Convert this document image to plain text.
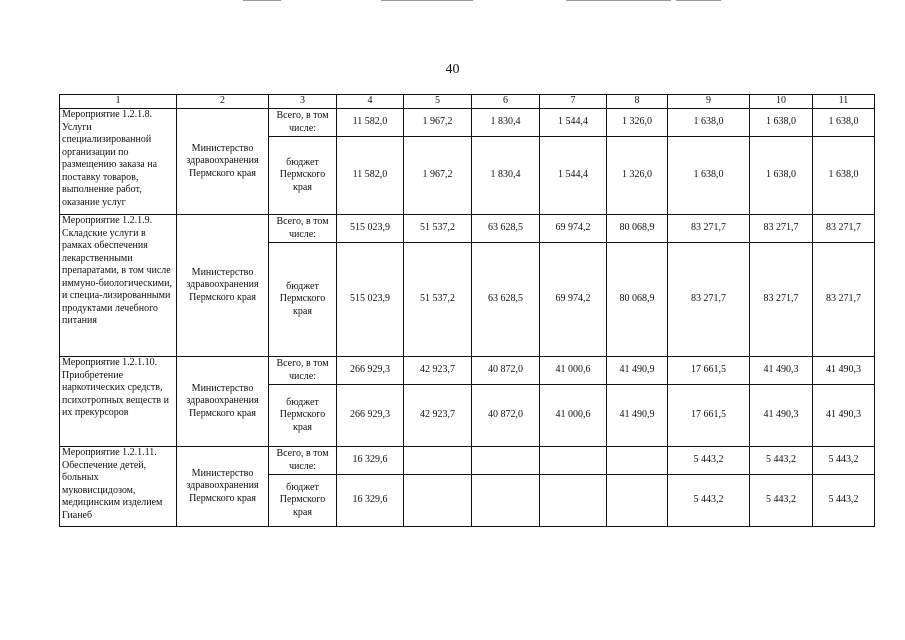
40
1	2	3	4	5	6	7	8	9	10	11
Мероприятие 1.2.1.8. Услуги специализированной организации по размещению заказа на поставку товаров, выполнение работ, оказание услуг	Министерство здравоохранения Пермского края	Всего, в том числе:	11 582,0	1 967,2	1 830,4	1 544,4	1 326,0	1 638,0	1 638,0	1 638,0
		бюджет Пермского края	11 582,0	1 967,2	1 830,4	1 544,4	1 326,0	1 638,0	1 638,0	1 638,0
Мероприятие 1.2.1.9. Складские услуги в рамках обеспечения лекарственными препаратами, в том числе иммуно-биологическими, и специа-лизированными продуктами лечебного питания	Министерство здравоохранения Пермского края	Всего, в том числе:	515 023,9	51 537,2	63 628,5	69 974,2	80 068,9	83 271,7	83 271,7	83 271,7
		бюджет Пермского края	515 023,9	51 537,2	63 628,5	69 974,2	80 068,9	83 271,7	83 271,7	83 271,7
Мероприятие 1.2.1.10. Приобретение наркотических средств, психотропных веществ и их прекурсоров	Министерство здравоохранения Пермского края	Всего, в том числе:	266 929,3	42 923,7	40 872,0	41 000,6	41 490,9	17 661,5	41 490,3	41 490,3
		бюджет Пермского края	266 929,3	42 923,7	40 872,0	41 000,6	41 490,9	17 661,5	41 490,3	41 490,3
Мероприятие 1.2.1.11. Обеспечение детей, больных муковисцидозом, медицинским изделием Гианеб	Министерство здравоохранения Пермского края	Всего, в том числе:	16 329,6					5 443,2	5 443,2	5 443,2
		бюджет Пермского края	16 329,6					5 443,2	5 443,2	5 443,2
